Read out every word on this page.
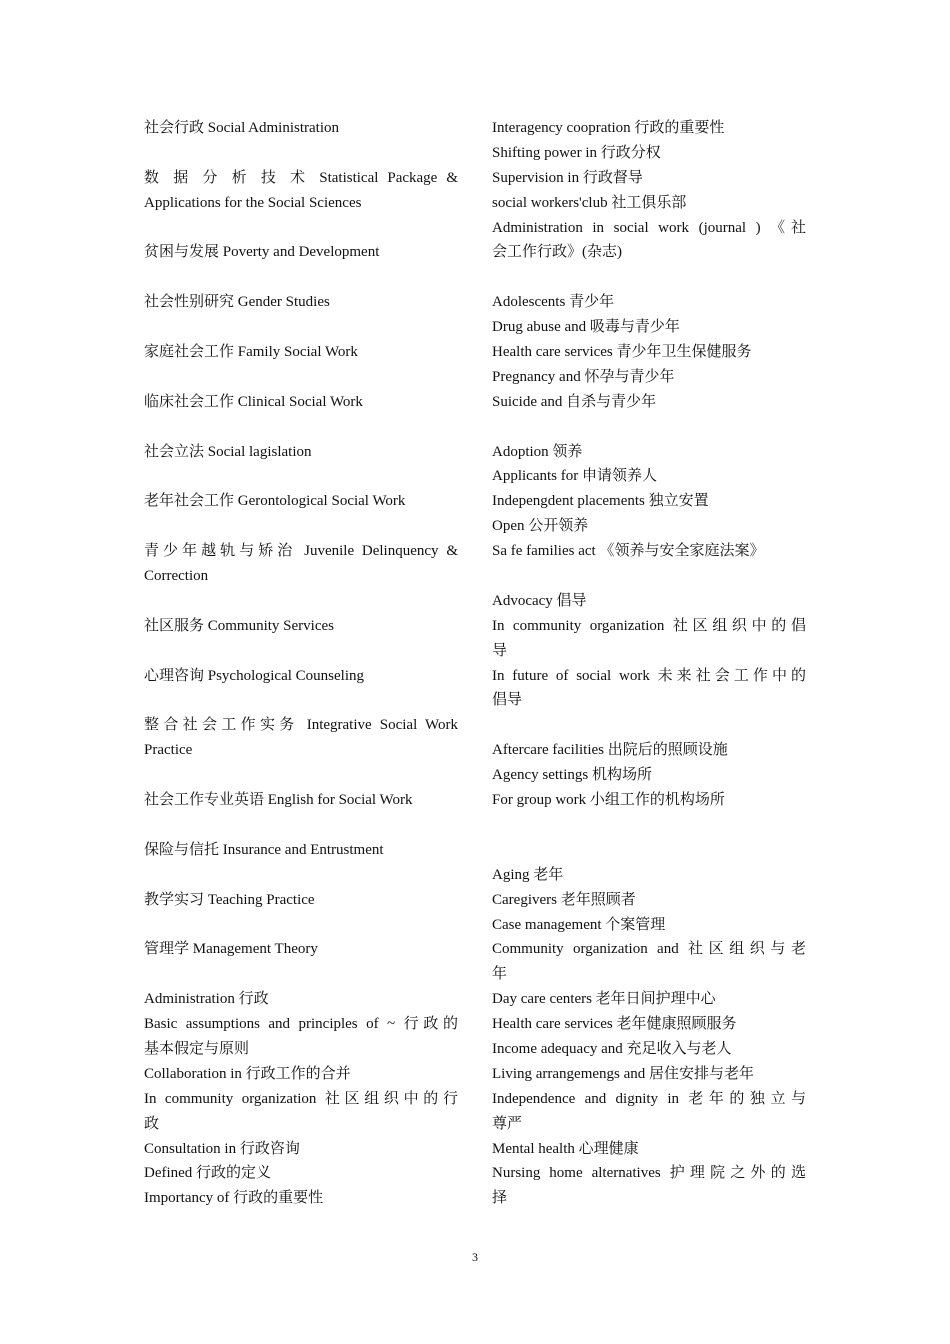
社会行政 Social Administration
数 据 分 析 技 术 Statistical Package &
Applications for the Social Sciences
贫困与发展 Poverty and Development
社会性别研究 Gender Studies
家庭社会工作 Family Social Work
临床社会工作 Clinical Social Work
社会立法 Social lagislation
老年社会工作 Gerontological Social Work
青少年越轨与矫治 Juvenile Delinquency &
Correction
社区服务 Community Services
心理咨询 Psychological Counseling
整合社会工作实务 Integrative Social Work
Practice
社会工作专业英语 English for Social Work
保险与信托 Insurance and Entrustment
教学实习 Teaching Practice
管理学 Management Theory
Administration 行政
Basic assumptions and principles of ~ 行政的
基本假定与原则
Collaboration in 行政工作的合并
In community organization 社区组织中的行
政
Consultation in 行政咨询
Defined 行政的定义
Importancy of 行政的重要性
Interagency coopration 行政的重要性
Shifting power in 行政分权
Supervision in 行政督导
social workers'club 社工俱乐部
Administration in social work (journal ) 《社
会工作行政》(杂志)
Adolescents 青少年
Drug abuse and 吸毒与青少年
Health care services 青少年卫生保健服务
Pregnancy and 怀孕与青少年
Suicide and 自杀与青少年
Adoption 领养
Applicants for 申请领养人
Indepengdent placements 独立安置
Open 公开领养
Sa fe families act 《领养与安全家庭法案》
Advocacy 倡导
In community organization 社区组织中的倡
导
In future of social work 未来社会工作中的
倡导
Aftercare facilities 出院后的照顾设施
Agency settings 机构场所
For group work 小组工作的机构场所
Aging 老年
Caregivers 老年照顾者
Case management 个案管理
Community organization and 社区组织与老
年
Day care centers 老年日间护理中心
Health care services 老年健康照顾服务
Income adequacy and 充足收入与老人
Living arrangemengs and 居住安排与老年
Independence and dignity in 老年的独立与
尊严
Mental health 心理健康
Nursing home alternatives 护理院之外的选
择
3
